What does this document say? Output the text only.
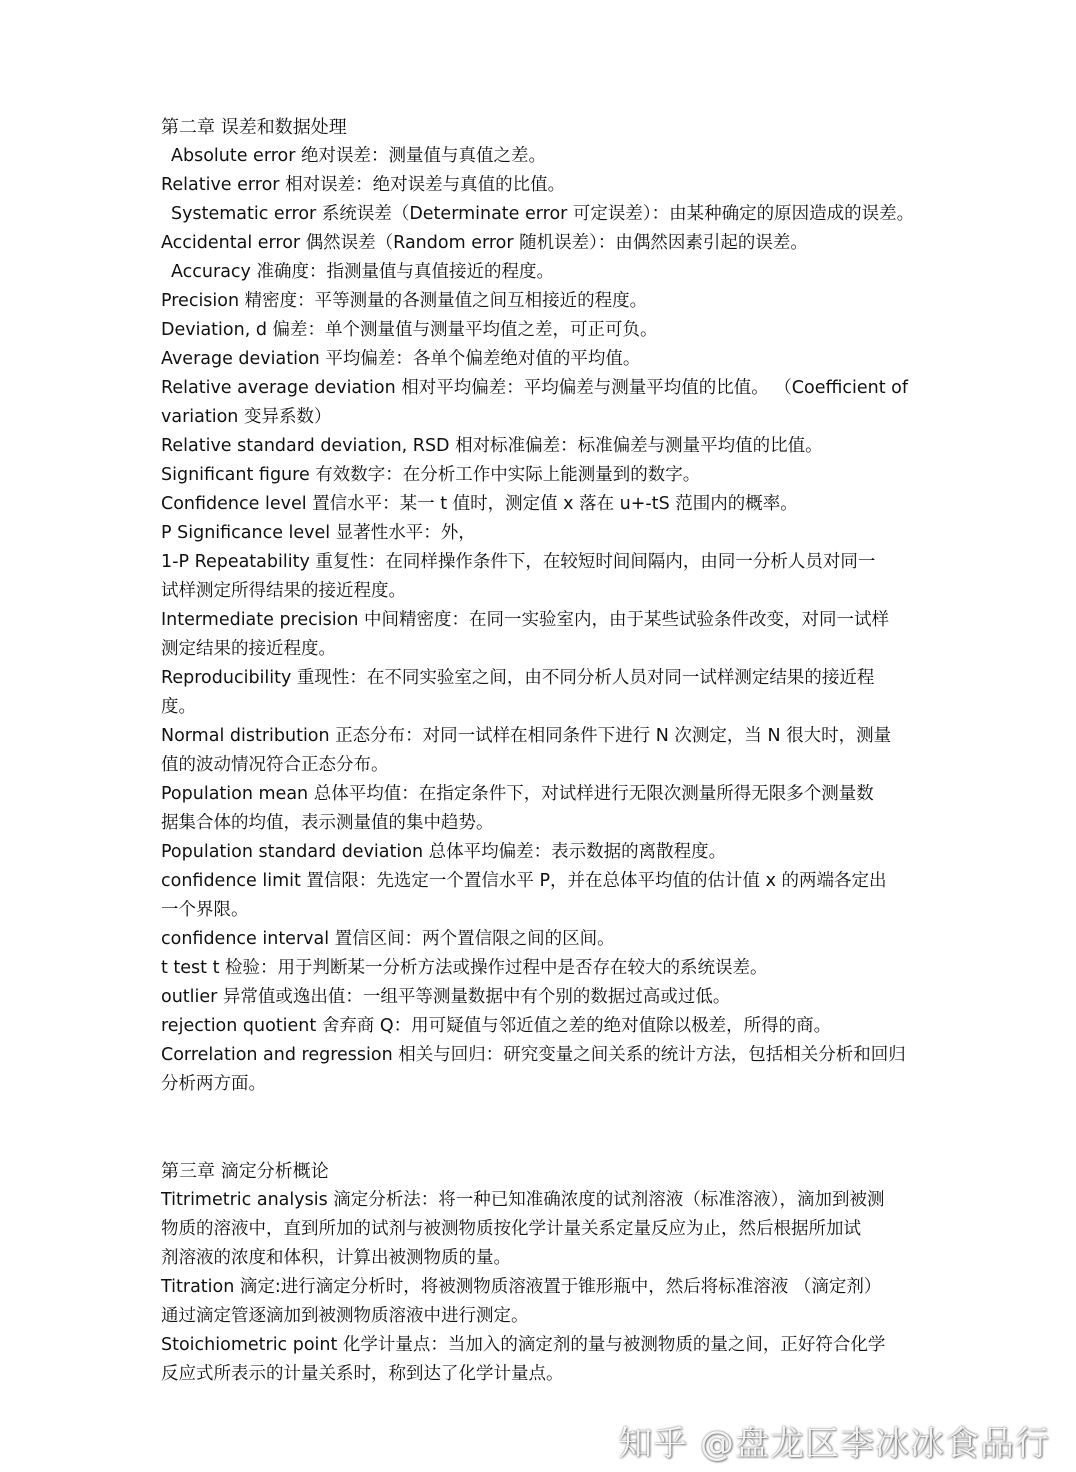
第二章 误差和数据处理
Absolute error 绝对误差：测量值与真值之差。
Relative error 相对误差：绝对误差与真值的比值。
Systematic error 系统误差（Determinate error 可定误差）：由某种确定的原因造成的误差。
Accidental error 偶然误差（Random error 随机误差）：由偶然因素引起的误差。
Accuracy 准确度：指测量值与真值接近的程度。
Precision 精密度：平等测量的各测量值之间互相接近的程度。
Deviation, d 偏差：单个测量值与测量平均值之差，可正可负。
Average deviation 平均偏差：各单个偏差绝对值的平均值。
Relative average deviation 相对平均偏差：平均偏差与测量平均值的比值。 （Coefficient of
variation 变异系数）
Relative standard deviation, RSD 相对标准偏差：标准偏差与测量平均值的比值。
Significant figure 有效数字：在分析工作中实际上能测量到的数字。
Confidence level 置信水平：某一 t 值时，测定值 x 落在 u+-tS 范围内的概率。
P Significance level 显著性水平：外，
1-P Repeatability 重复性：在同样操作条件下，在较短时间间隔内，由同一分析人员对同一
试样测定所得结果的接近程度。
Intermediate precision 中间精密度：在同一实验室内，由于某些试验条件改变，对同一试样
测定结果的接近程度。
Reproducibility 重现性：在不同实验室之间，由不同分析人员对同一试样测定结果的接近程
度。
Normal distribution 正态分布：对同一试样在相同条件下进行 N 次测定，当 N 很大时，测量
值的波动情况符合正态分布。
Population mean 总体平均值：在指定条件下，对试样进行无限次测量所得无限多个测量数
据集合体的均值，表示测量值的集中趋势。
Population standard deviation 总体平均偏差：表示数据的离散程度。
confidence limit 置信限：先选定一个置信水平 P，并在总体平均值的估计值 x 的两端各定出
一个界限。
confidence interval 置信区间：两个置信限之间的区间。
t test t 检验：用于判断某一分析方法或操作过程中是否存在较大的系统误差。
outlier 异常值或逸出值：一组平等测量数据中有个别的数据过高或过低。
rejection quotient 舍弃商 Q：用可疑值与邻近值之差的绝对值除以极差，所得的商。
Correlation and regression 相关与回归：研究变量之间关系的统计方法，包括相关分析和回归
分析两方面。
第三章 滴定分析概论
Titrimetric analysis 滴定分析法：将一种已知准确浓度的试剂溶液（标准溶液），滴加到被测
物质的溶液中，直到所加的试剂与被测物质按化学计量关系定量反应为止，然后根据所加试
剂溶液的浓度和体积，计算出被测物质的量。
Titration 滴定:进行滴定分析时，将被测物质溶液置于锥形瓶中，然后将标准溶液 （滴定剂）
通过滴定管逐滴加到被测物质溶液中进行测定。
Stoichiometric point 化学计量点：当加入的滴定剂的量与被测物质的量之间，正好符合化学
反应式所表示的计量关系时，称到达了化学计量点。
知乎 @盘龙区李冰冰食品行
